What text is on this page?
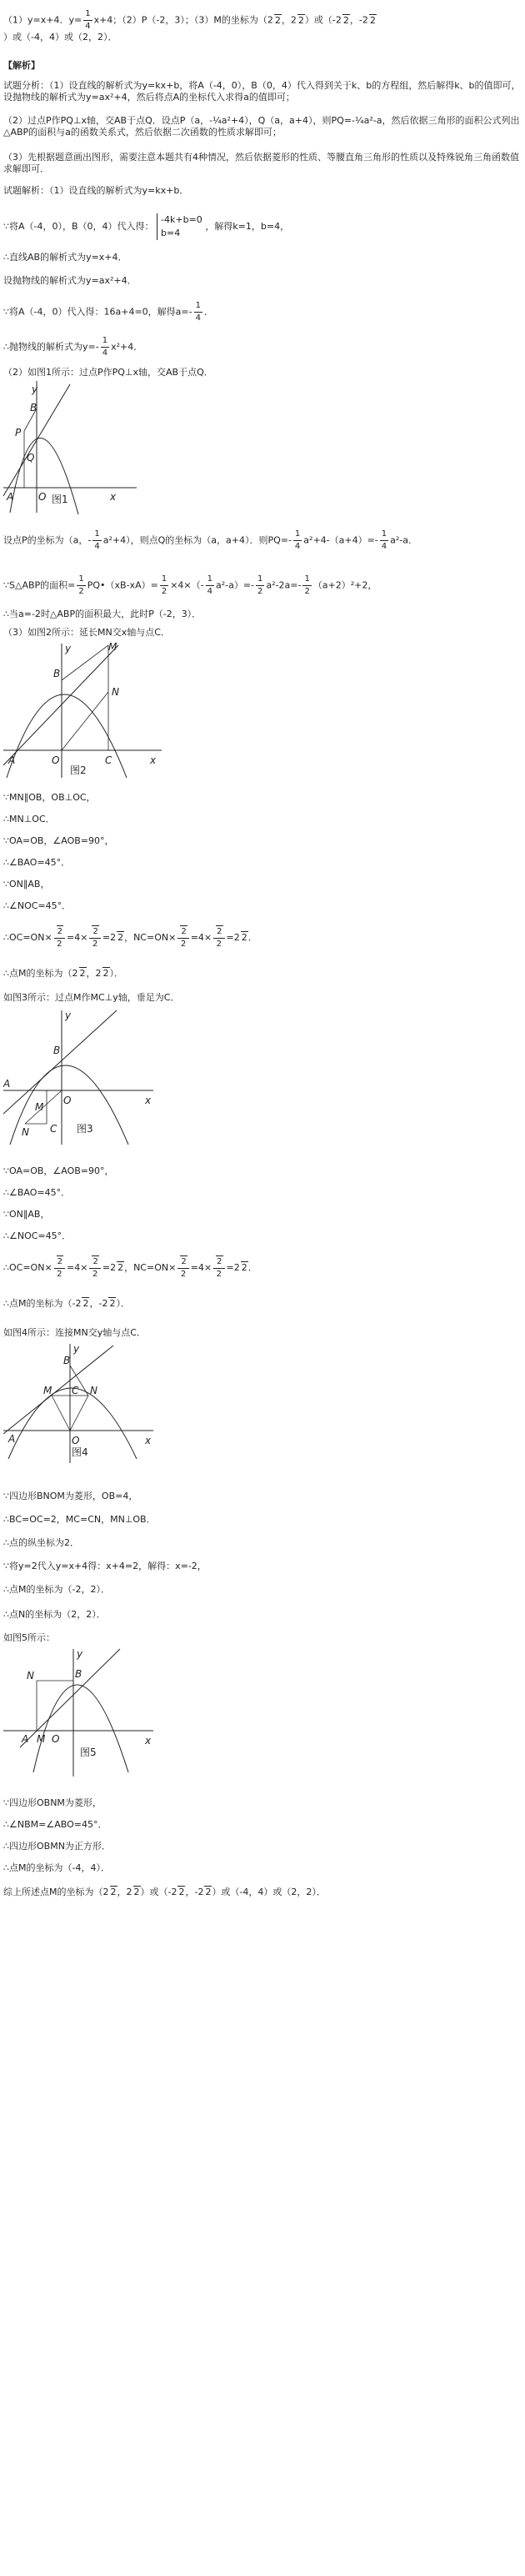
（1）y=x+4．$y= \frac{1}{4} x+4$；（2）P（-2，3）；（3）M的坐标为（2 2，2 2）或（-2 2，-2 2
）或（-4，4）或（2，2）．
【解析】
试题分析：（1）设直线的解析式为y=kx+b，将A（-4，0），B（0，4）代入得到关于k、b的方程组，然后解得k、b的值即可，设抛物线的解析式为y=ax²+4，然后将点A的坐标代入求得a的值即可；
（2）过点P作PQ⊥x轴，交AB于点Q．设点P（a，-¼a²+4），Q（a，a+4），则PQ=-¼a²-a，然后依据三角形的面积公式列出△ABP的面积与a的函数关系式，然后依据二次函数的性质求解即可；
（3）先根据题意画出图形，需要注意本题共有4种情况，然后依据菱形的性质、等腰直角三角形的性质以及特殊锐角三角函数值求解即可．
试题解析：（1）设直线的解析式为y=kx+b．
∵将A（-4，0），B（0，4）代入得：
-4k+b=0
b=4
，解得k=1，b=4，
∴直线AB的解析式为y=x+4．
设抛物线的解析式为y=ax²+4．
∵将A（-4，0）代入得：16a+4=0，解得$a=- \frac{1}{4}$ ．
∴抛物线的解析式为$y=- \frac{1}{4} x^2+4$．
（2）如图1所示：过点P作PQ⊥x轴，交AB于点Q．
y
x
B
P
Q
A O 图1
设点P的坐标为（a，- $\frac{1}{4} a^2+4$），则点Q的坐标为（a，a+4）．则$PQ=- \frac{1}{4} a^2+4-(a+4)=- \frac{1}{4} a^2-a$．
∵S△ABP的面积= $\frac{1}{2}$ PQ•（xB-xA）= $\frac{1}{2} \times 4\times(- \frac{1}{4} a^2-a)=- \frac{1}{2} a^2-2a=- \frac{1}{2} (a+2)^2+2$，
∴当a=-2时△ABP的面积最大，此时P（-2，3）．
（3）如图2所示：延长MN交x轴与点C．
y
x
M
B
N
A	O	C
图2
∵MN∥OB，OB⊥OC，
∴MN⊥OC．
∵OA=OB，∠AOB=90°，
∴∠BAO=45°．
∵ON∥AB，
∴∠NOC=45°．
∴OC=ON× $\frac{2}{2} =4\times \frac{2}{2} =2$ 2，$NC=ON\times \frac{2}{2} =4\times \frac{2}{2} =2$ 2．
∴点M的坐标为（2 2，2 2）．
如图3所示：过点M作MC⊥y轴，垂足为C．
y
x
B
A
O
M
N C 图3
∵OA=OB，∠AOB=90°，
∴∠BAO=45°．
∵ON∥AB，
∴∠NOC=45°．
∴OC=ON× $\frac{2}{2} =4\times \frac{2}{2} =2$ 2，$NC=ON\times \frac{2}{2} =4\times \frac{2}{2} =2$ 2．
∴点M的坐标为（-2 2，-2 2）．
如图4所示：连接MN交y轴与点C．
y
x
B
M C N
A	O
图4
∵四边形BNOM为菱形，OB=4，
∴BC=OC=2，MC=CN，MN⊥OB．
∴点的纵坐标为2．
∵将y=2代入y=x+4得：x+4=2，解得：x=-2，
∴点M的坐标为（-2，2）．
∴点N的坐标为（2，2）．
如图5所示：
y
x
N	B
A O
M
图5
∵四边形OBNM为菱形，
∴∠NBM=∠ABO=45°．
∴四边形OBMN为正方形．
∴点M的坐标为（-4，4）．
综上所述点M的坐标为（2 2，2 2）或（-2 2，-2 2）或（-4，4）或（2，2）．
